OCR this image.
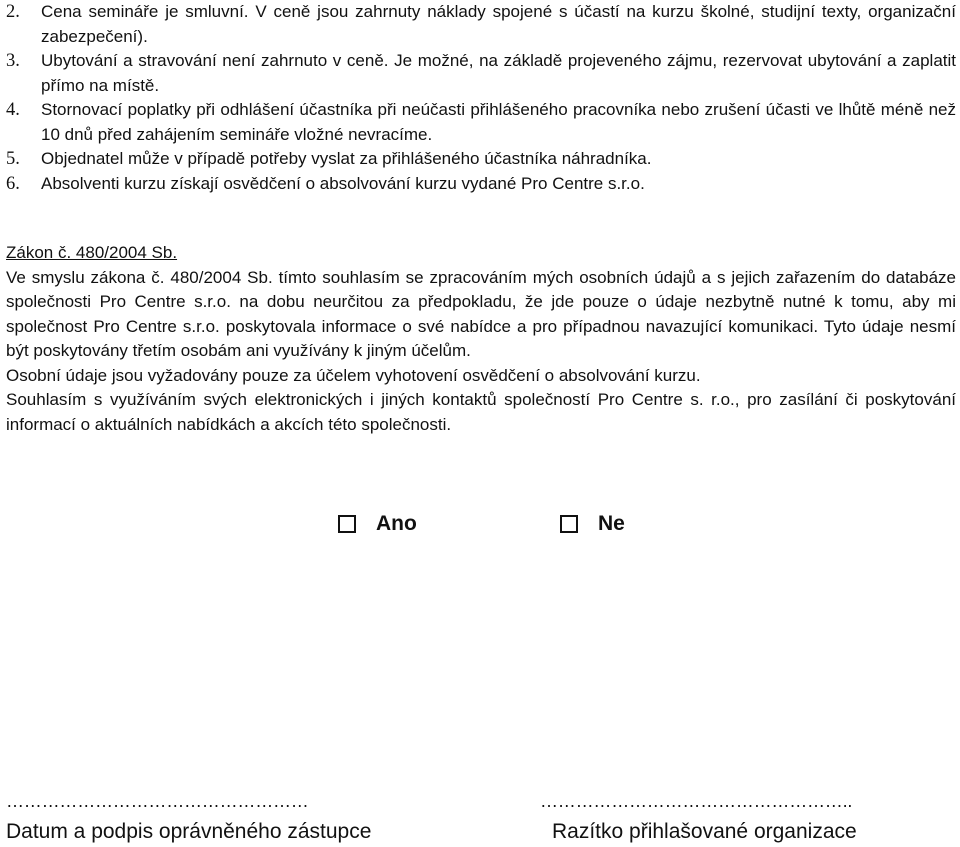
2.	Cena semináře je smluvní. V ceně jsou zahrnuty náklady spojené s účastí na kurzu školné, studijní texty, organizační zabezpečení).
3.	Ubytování a stravování není zahrnuto v ceně. Je možné, na základě projeveného zájmu, rezervovat ubytování a zaplatit přímo na místě.
4.	Stornovací poplatky při odhlášení účastníka při neúčasti přihlášeného pracovníka nebo zrušení účasti ve lhůtě méně než 10 dnů před zahájením semináře vložné nevracíme.
5.	Objednatel může v případě potřeby vyslat za přihlášeného účastníka náhradníka.
6.	Absolventi kurzu získají osvědčení o absolvování kurzu vydané Pro Centre s.r.o.

Zákon č. 480/2004 Sb.

Ve smyslu zákona č. 480/2004 Sb. tímto souhlasím se zpracováním mých osobních údajů a s jejich zařazením do databáze společnosti Pro Centre s.r.o. na dobu neurčitou za předpokladu, že jde pouze o údaje nezbytně nutné k tomu, aby mi společnost Pro Centre s.r.o. poskytovala informace o své nabídce a pro případnou navazující komunikaci. Tyto údaje nesmí být poskytovány třetím osobám ani využívány k jiným účelům.

Osobní údaje jsou vyžadovány pouze za účelem vyhotovení osvědčení o absolvování kurzu.

Souhlasím s využíváním svých elektronických i jiných kontaktů společností Pro Centre s. r.o., pro zasílání či poskytování informací o aktuálních nabídkách a akcích této společnosti.

Ano	Ne
……………………………………………
Datum a podpis oprávněného zástupce
……………………………………………..
Razítko přihlašované organizace
